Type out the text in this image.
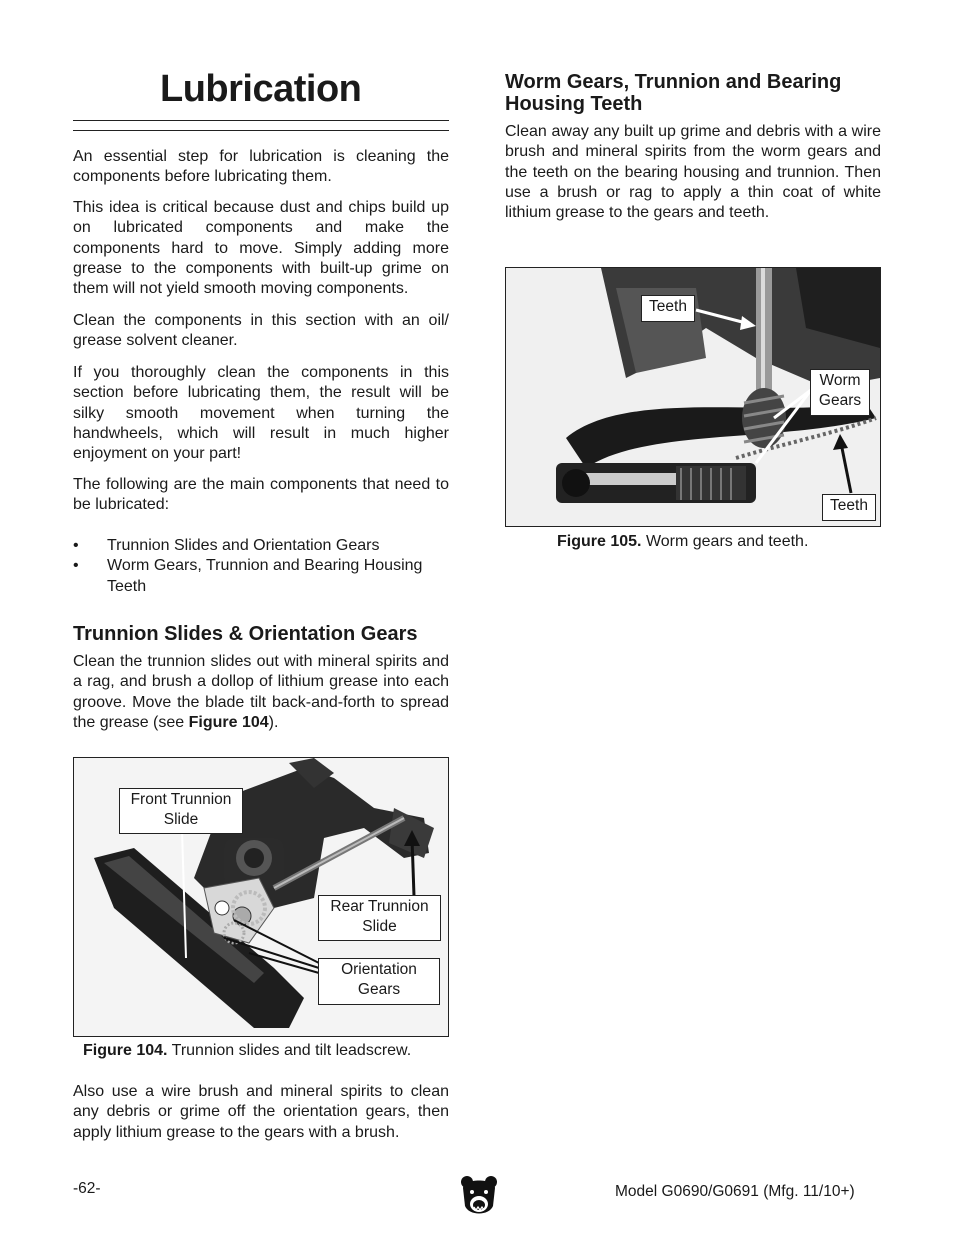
Lubrication

An essential step for lubrication is cleaning the components before lubricating them.

This idea is critical because dust and chips build up on lubricated components and make the components hard to move. Simply adding more grease to the components with built-up grime on them will not yield smooth moving components.

Clean the components in this section with an oil/ grease solvent cleaner.

If you thoroughly clean the components in this section before lubricating them, the result will be silky smooth movement when turning the handwheels, which will result in much higher enjoyment on your part!

The following are the main components that need to be lubricated:

• Trunnion Slides and Orientation Gears
• Worm Gears, Trunnion and Bearing Housing Teeth
Trunnion Slides & Orientation Gears

Clean the trunnion slides out with mineral spirits and a rag, and brush a dollop of lithium grease into each groove. Move the blade tilt back-and-forth to spread the grease (see Figure 104).

Front Trunnion Slide
Rear Trunnion Slide
Orientation Gears
Figure 104. Trunnion slides and tilt leadscrew.

Also use a wire brush and mineral spirits to clean any debris or grime off the orientation gears, then apply lithium grease to the gears with a brush.

Worm Gears, Trunnion and Bearing Housing Teeth

Clean away any built up grime and debris with a wire brush and mineral spirits from the worm gears and the teeth on the bearing housing and trunnion. Then use a brush or rag to apply a thin coat of white lithium grease to the gears and teeth.

Teeth
Worm Gears
Teeth
Figure 105. Worm gears and teeth.
-62-	Model G0690/G0691 (Mfg. 11/10+)
